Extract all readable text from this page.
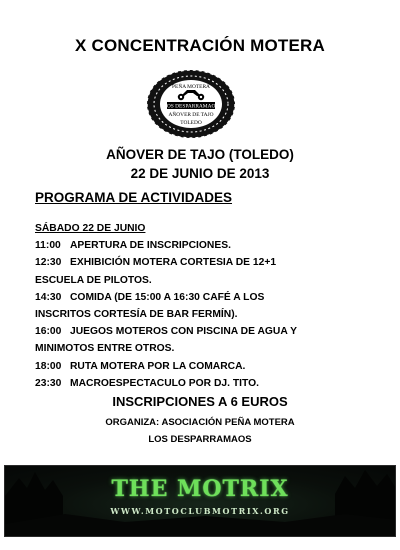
X CONCENTRACIÓN MOTERA
PEÑA MOTERA
LOS DESPARRAMAOS
AÑOVER DE TAJO
TOLEDO
AÑOVER DE TAJO (TOLEDO)
22 DE JUNIO DE 2013
PROGRAMA DE ACTIVIDADES
SÁBADO 22 DE JUNIO
11:00 APERTURA DE INSCRIPCIONES.
12:30 EXHIBICIÓN MOTERA CORTESIA DE 12+1
ESCUELA DE PILOTOS.
14:30 COMIDA (DE 15:00 A 16:30 CAFÉ A LOS
INSCRITOS CORTESÍA DE BAR FERMÍN).
16:00 JUEGOS MOTEROS CON PISCINA DE AGUA Y
MINIMOTOS ENTRE OTROS.
18:00 RUTA MOTERA POR LA COMARCA.
23:30 MACROESPECTACULO POR DJ. TITO.
INSCRIPCIONES A 6 EUROS
ORGANIZA: ASOCIACIÓN PEÑA MOTERA
LOS DESPARRAMAOS
THE MOTRIX
WWW.MOTOCLUBMOTRIX.ORG
